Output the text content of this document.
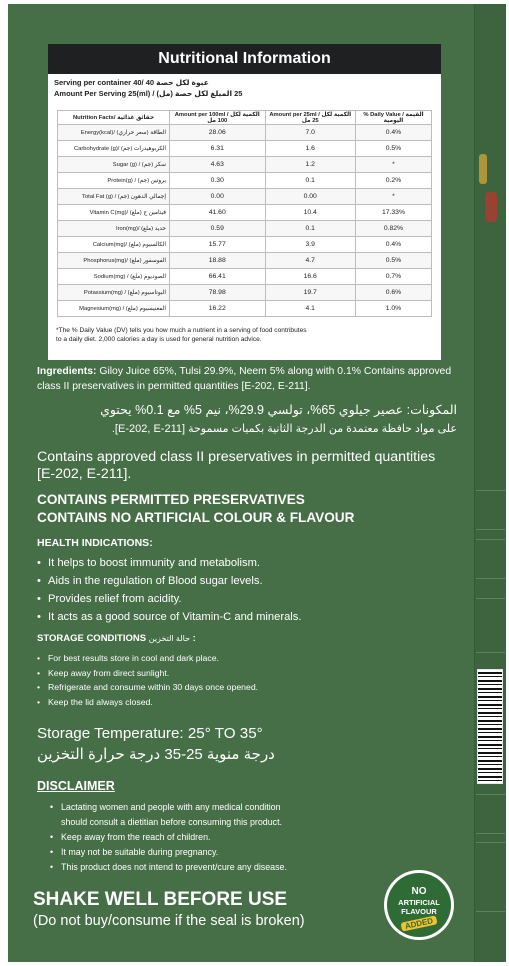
Nutritional Information
Serving per container 40/ 40 عبوة لكل حصة
Amount Per Serving 25(ml) / (مل) 25 المبلغ لكل حصة
Nutrition Facts/ حقائق غذائية	Amount per 100ml / الكمية لكل 100 مل	Amount per 25ml / الكمية لكل 25 مل	% Daily Value / القيمة اليومية
Energy(kcal)/ الطاقة (سعر حراري)	28.06	7.0	0.4%
Carbohydrate (g)/ الكربوهيدرات (جم)	6.31	1.6	0.5%
Sugar (g) / (جم) سكر	4.63	1.2	*
Protein(g) / (جم) بروتين	0.30	0.1	0.2%
Total Fat (g) / (جم) إجمالي الدهون	0.00	0.00	*
Vitamin C(mg)/ (ملغ) فيتامين ج	41.60	10.4	17.33%
Iron(mg)/ (ملغ) حديد	0.59	0.1	0.82%
Calcium(mg)/ (ملغ) الكالسيوم	15.77	3.9	0.4%
Phosphorus(mg)/ (ملغ) الفوسفور	18.88	4.7	0.5%
Sodium(mg) / (ملغ) الصوديوم	66.41	16.6	0.7%
Potassium(mg) / (ملغ) البوتاسيوم	78.98	19.7	0.6%
Magnesium(mg) / (ملغ) المغنيسيوم	16.22	4.1	1.0%
*The % Daily Value (DV) tells you how much a nutrient in a serving of food contributes
to a daily diet. 2,000 calories a day is used for general nutrition advice.
Ingredients: Giloy Juice 65%, Tulsi 29.9%, Neem 5% along with 0.1% Contains approved class II preservatives in permitted quantities [E-202, E-211].
المكونات: عصير جيلوي 65%، تولسي 29.9%، نيم 5% مع 0.1% يحتوي
على مواد حافظة معتمدة من الدرجة الثانية بكميات مسموحة [E-202, E-211].
Contains approved class II preservatives in permitted quantities [E-202, E-211].
CONTAINS PERMITTED PRESERVATIVES
CONTAINS NO ARTIFICIAL COLOUR & FLAVOUR
HEALTH INDICATIONS:
• It helps to boost immunity and metabolism.
• Aids in the regulation of Blood sugar levels.
• Provides relief from acidity.
• It acts as a good source of Vitamin-C and minerals.
STORAGE CONDITIONS حالة التخزين :
• For best results store in cool and dark place.
• Keep away from direct sunlight.
• Refrigerate and consume within 30 days once opened.
• Keep the lid always closed.
Storage Temperature: 25° TO 35°
درجة منوية 25-35 درجة حرارة التخزين
DISCLAIMER
• Lactating women and people with any medical condition
should consult a dietitian before consuming this product.
• Keep away from the reach of children.
• It may not be suitable during pregnancy.
• This product does not intend to prevent/cure any disease.
SHAKE WELL BEFORE USE
(Do not buy/consume if the seal is broken)
NO
ARTIFICIAL
FLAVOUR
ADDED
